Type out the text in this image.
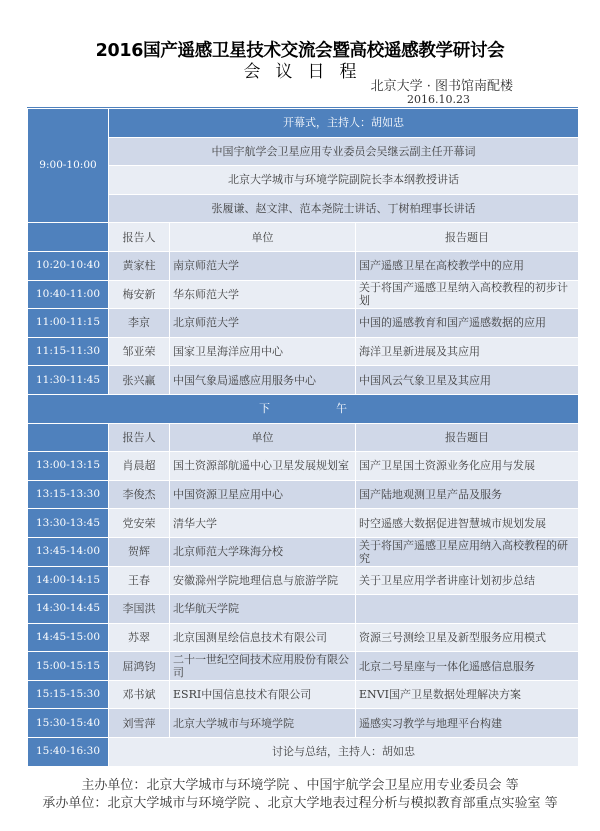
2016国产遥感卫星技术交流会暨高校遥感教学研讨会
会议日程
北京大学 · 图书馆南配楼
2016.10.23
9:00-10:00	开幕式，主持人：胡如忠		
	中国宇航学会卫星应用专业委员会吴继云副主任开幕词		
	北京大学城市与环境学院副院长李本纲教授讲话		
	张履谦、赵文津、范本尧院士讲话、丁树柏理事长讲话		
	报告人	单位	报告题目
10:20-10:40	黄家柱	南京师范大学	国产遥感卫星在高校教学中的应用
10:40-11:00	梅安新	华东师范大学	关于将国产遥感卫星纳入高校教程的初步计划
11:00-11:15	李京	北京师范大学	中国的遥感教育和国产遥感数据的应用
11:15-11:30	邹亚荣	国家卫星海洋应用中心	海洋卫星新进展及其应用
11:30-11:45	张兴赢	中国气象局遥感应用服务中心	中国风云气象卫星及其应用
下　　　　　　午			
	报告人	单位	报告题目
13:00-13:15	肖晨超	国土资源部航遥中心卫星发展规划室	国产卫星国土资源业务化应用与发展
13:15-13:30	李俊杰	中国资源卫星应用中心	国产陆地观测卫星产品及服务
13:30-13:45	党安荣	清华大学	时空遥感大数据促进智慧城市规划发展
13:45-14:00	贺辉	北京师范大学珠海分校	关于将国产遥感卫星应用纳入高校教程的研究
14:00-14:15	王春	安徽滁州学院地理信息与旅游学院	关于卫星应用学者讲座计划初步总结
14:30-14:45	李国洪	北华航天学院	
14:45-15:00	苏翠	北京国测星绘信息技术有限公司	资源三号测绘卫星及新型服务应用模式
15:00-15:15	屈鸿钧	二十一世纪空间技术应用股份有限公司	北京二号星座与一体化遥感信息服务
15:15-15:30	邓书斌	ESRI中国信息技术有限公司	ENVI国产卫星数据处理解决方案
15:30-15:40	刘雪萍	北京大学城市与环境学院	遥感实习教学与地理平台构建
15:40-16:30	讨论与总结，主持人：胡如忠		
主办单位：北京大学城市与环境学院 、中国宇航学会卫星应用专业委员会 等
承办单位：北京大学城市与环境学院 、北京大学地表过程分析与模拟教育部重点实验室 等
